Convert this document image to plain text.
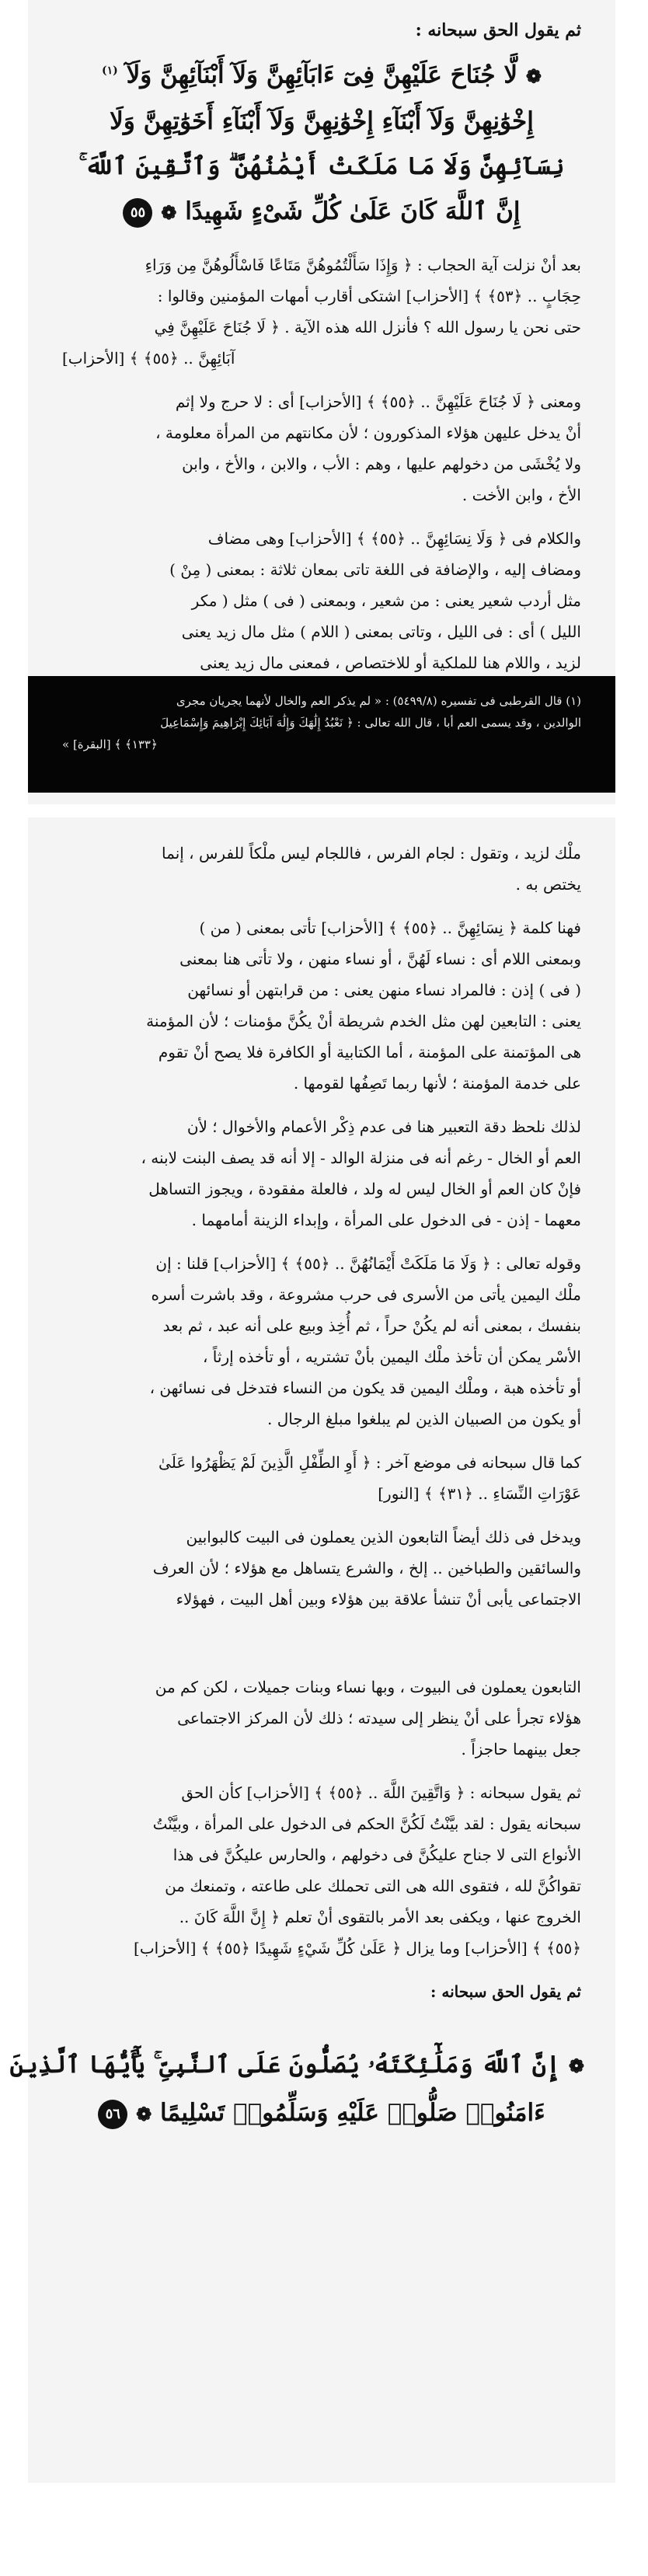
ثم يقول الحق سبحانه :
❁ لَّا جُنَاحَ عَلَيْهِنَّ فِىٓ ءَابَآئِهِنَّ وَلَآ أَبْنَآئِهِنَّ وَلَآ $^{(١)}$
إِخْوَٰنِهِنَّ وَلَآ أَبْنَآءِ إِخْوَٰنِهِنَّ وَلَآ أَبْنَآءِ أَخَوَٰتِهِنَّ وَلَا
نِسَآئِهِنَّ وَلَا مَا مَلَكَتْ أَيْمَٰنُهُنَّ ۗ وَٱتَّقِينَ ٱللَّهَ ۚ
إِنَّ ٱللَّهَ كَانَ عَلَىٰ كُلِّ شَىْءٍ شَهِيدًا ❁ ٥٥
بعد أنْ نزلت آية الحجاب : ﴿ وَإِذَا سَأَلْتُمُوهُنَّ مَتَاعًا فَاسْأَلُوهُنَّ مِن وَرَاءِ
حِجَابٍ .. ﴿٥٣﴾ ﴾ [الأحزاب] اشتكى أقارب أمهات المؤمنين وقالوا :
حتى نحن يا رسول الله ؟ فأنزل الله هذه الآية . ﴿ لَا جُنَاحَ عَلَيْهِنَّ فِي
آبَائِهِنَّ .. ﴿٥٥﴾ ﴾ [الأحزاب]
ومعنى ﴿ لَا جُنَاحَ عَلَيْهِنَّ .. ﴿٥٥﴾ ﴾ [الأحزاب] أى : لا حرج ولا إثم
أنْ يدخل عليهن هؤلاء المذكورون ؛ لأن مكانتهم من المرأة معلومة ،
ولا يُخْشَى من دخولهم عليها ، وهم : الأب ، والابن ، والأخ ، وابن
الأخ ، وابن الأخت .
والكلام فى ﴿ وَلَا نِسَائِهِنَّ .. ﴿٥٥﴾ ﴾ [الأحزاب] وهى مضاف
ومضاف إليه ، والإضافة فى اللغة تاتى بمعان ثلاثة : بمعنى ( مِنْ )
مثل أردب شعير يعنى : من شعير ، وبمعنى ( فى ) مثل ( مكر
الليل ) أى : فى الليل ، وتاتى بمعنى ( اللام ) مثل مال زيد يعنى
لزيد ، واللام هنا للملكية أو للاختصاص ، فمعنى مال زيد يعنى
(١) قال القرطبى فى تفسيره (٥٤٩٩/٨) : « لم يذكر العم والخال لأنهما يجريان مجرى
الوالدين ، وقد يسمى العم أبا ، قال الله تعالى : ﴿ نَعْبُدُ إِلَٰهَكَ وَإِلَٰهَ آبَائِكَ إِبْرَاهِيمَ وَإِسْمَاعِيلَ
﴿١٣٣﴾ ﴾ [البقرة] »
ملْك لزيد ، وتقول : لجام الفرس ، فاللجام ليس ملْكاً للفرس ، إنما
يختص به .
فهنا كلمة ﴿ نِسَائِهِنَّ .. ﴿٥٥﴾ ﴾ [الأحزاب] تأتى بمعنى ( من )
وبمعنى اللام أى : نساء لَهُنَّ ، أو نساء منهن ، ولا تأتى هنا بمعنى
( فى ) إذن : فالمراد نساء منهن يعنى : من قرابتهن أو نسائهن
يعنى : التابعين لهن مثل الخدم شريطة أنْ يكُنَّ مؤمنات ؛ لأن المؤمنة
هى المؤتمنة على المؤمنة ، أما الكتابية أو الكافرة فلا يصح أنْ تقوم
على خدمة المؤمنة ؛ لأنها ربما تَصِفُها لقومها .
لذلك نلحظ دقة التعبير هنا فى عدم ذِكْر الأعمام والأخوال ؛ لأن
العم أو الخال - رغم أنه فى منزلة الوالد - إلا أنه قد يصف البنت لابنه ،
فإنْ كان العم أو الخال ليس له ولد ، فالعلة مفقودة ، ويجوز التساهل
معهما - إذن - فى الدخول على المرأة ، وإبداء الزينة أمامهما .
وقوله تعالى : ﴿ وَلَا مَا مَلَكَتْ أَيْمَانُهُنَّ .. ﴿٥٥﴾ ﴾ [الأحزاب] قلنا : إن
ملْك اليمين يأتى من الأسرى فى حرب مشروعة ، وقد باشرت أسره
بنفسك ، بمعنى أنه لم يكُنْ حراً ، ثم أُخِذ وبيع على أنه عبد ، ثم بعد
الأسْر يمكن أن تأخذ ملْك اليمين بأنْ تشتريه ، أو تأخذه إرثاً ،
أو تأخذه هبة ، وملْك اليمين قد يكون من النساء فتدخل فى نسائهن ،
أو يكون من الصبيان الذين لم يبلغوا مبلغ الرجال .
كما قال سبحانه فى موضع آخر : ﴿ أَوِ الطِّفْلِ الَّذِينَ لَمْ يَظْهَرُوا عَلَىٰ
عَوْرَاتِ النِّسَاءِ .. ﴿٣١﴾ ﴾ [النور]
ويدخل فى ذلك أيضاً التابعون الذين يعملون فى البيت كالبوابين
والسائقين والطباخين .. إلخ ، والشرع يتساهل مع هؤلاء ؛ لأن العرف
الاجتماعى يأبى أنْ تنشأ علاقة بين هؤلاء وبين أهل البيت ، فهؤلاء
التابعون يعملون فى البيوت ، وبها نساء وبنات جميلات ، لكن كم من
هؤلاء تجرأ على أنْ ينظر إلى سيدته ؛ ذلك لأن المركز الاجتماعى
جعل بينهما حاجزاً .
ثم يقول سبحانه : ﴿ وَاتَّقِينَ اللَّهَ .. ﴿٥٥﴾ ﴾ [الأحزاب] كأن الحق
سبحانه يقول : لقد بيَّنْتُ لَكُنَّ الحكم فى الدخول على المرأة ، وبيَّنْتُ
الأنواع التى لا جناح عليكُنَّ فى دخولهم ، والحارس عليكُنَّ فى هذا
تقواكُنَّ لله ، فتقوى الله هى التى تحملك على طاعته ، وتمنعك من
الخروج عنها ، ويكفى بعد الأمر بالتقوى أنْ تعلم ﴿ إِنَّ اللَّهَ كَانَ ..
﴿٥٥﴾ ﴾ [الأحزاب] وما يزال ﴿ عَلَىٰ كُلِّ شَيْءٍ شَهِيدًا ﴿٥٥﴾ ﴾ [الأحزاب]
ثم يقول الحق سبحانه :
❁ إِنَّ ٱللَّهَ وَمَلَٰٓئِكَتَهُۥ يُصَلُّونَ عَلَى ٱلنَّبِىِّ ۚ يَٰٓأَيُّهَا ٱلَّذِينَ
ءَامَنُوا۟ صَلُّوا۟ عَلَيْهِ وَسَلِّمُوا۟ تَسْلِيمًا ❁ ٥٦
